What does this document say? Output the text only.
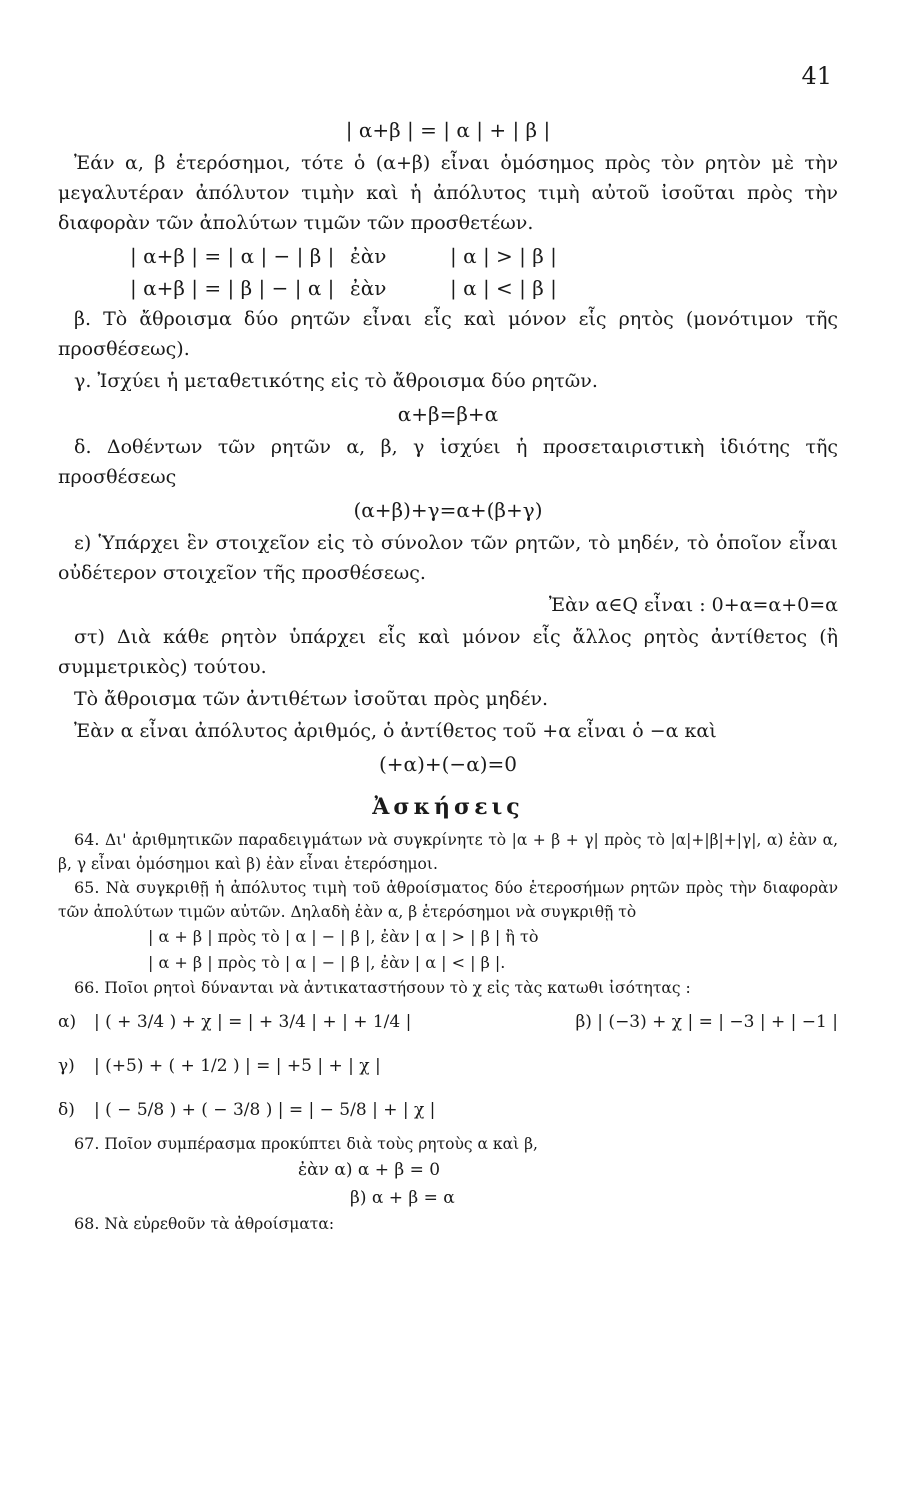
41

| α+β | = | α | + | β |

Ἐάν α, β ἑτερόσημοι, τότε ὁ (α+β) εἶναι ὁμόσημος πρὸς τὸν ρητὸν μὲ τὴν μεγαλυτέραν ἀπόλυτον τιμὴν καὶ ἡ ἀπόλυτος τιμὴ αὐτοῦ ἰσοῦται πρὸς τὴν διαφορὰν τῶν ἀπολύτων τιμῶν τῶν προσθετέων.

| α+β | = | α | − | β | ἐὰν	| α | > | β |
| α+β | = | β | − | α | ἐὰν	| α | < | β |

β. Τὸ ἄθροισμα δύο ρητῶν εἶναι εἷς καὶ μόνον εἷς ρητὸς (μονότιμον τῆς προσθέσεως).

γ. Ἰσχύει ἡ μεταθετικότης εἰς τὸ ἄθροισμα δύο ρητῶν.

α+β=β+α

δ. Δοθέντων τῶν ρητῶν α, β, γ ἰσχύει ἡ προσεταιριστικὴ ἰδιότης τῆς προσθέσεως

(α+β)+γ=α+(β+γ)

ε) Ὑπάρχει ἓν στοιχεῖον εἰς τὸ σύνολον τῶν ρητῶν, τὸ μηδέν, τὸ ὁποῖον εἶναι οὐδέτερον στοιχεῖον τῆς προσθέσεως.

Ἐὰν α∈Q εἶναι : 0+α=α+0=α

στ) Διὰ κάθε ρητὸν ὑπάρχει εἷς καὶ μόνον εἷς ἄλλος ρητὸς ἀντίθετος (ἢ συμμετρικὸς) τούτου.

Τὸ ἄθροισμα τῶν ἀντιθέτων ἰσοῦται πρὸς μηδέν.

Ἐὰν α εἶναι ἀπόλυτος ἀριθμός, ὁ ἀντίθετος τοῦ +α εἶναι ὁ −α καὶ

(+α)+(−α)=0

Ἀσκήσεις

64. Δι' ἀριθμητικῶν παραδειγμάτων νὰ συγκρίνητε τὸ |α + β + γ| πρὸς τὸ |α|+|β|+|γ|, α) ἐὰν α, β, γ εἶναι ὁμόσημοι καὶ β) ἐὰν εἶναι ἑτερόσημοι.

65. Νὰ συγκριθῇ ἡ ἀπόλυτος τιμὴ τοῦ ἀθροίσματος δύο ἑτεροσήμων ρητῶν πρὸς τὴν διαφορὰν τῶν ἀπολύτων τιμῶν αὐτῶν. Δηλαδὴ ἐὰν α, β ἑτερόσημοι νὰ συγκριθῇ τὸ

| α + β | πρὸς τὸ | α | − | β |, ἐὰν | α | > | β | ἢ τὸ

| α + β | πρὸς τὸ | α | − | β |, ἐὰν | α | < | β |.

66. Ποῖοι ρητοὶ δύνανται νὰ ἀντικαταστήσουν τὸ χ εἰς τὰς κατωθι ἰσότητας :

α)	| ( + 3/4 ) + χ | = | + 3/4 | + | + 1/4 |	β) | (−3) + χ | = | −3 | + | −1 |
γ)	| (+5) + ( + 1/2 ) | = | +5 | + | χ |
δ)	| ( − 5/8 ) + ( − 3/8 ) | = | − 5/8 | + | χ |

67. Ποῖον συμπέρασμα προκύπτει διὰ τοὺς ρητοὺς α καὶ β,

ἐὰν α) α + β = 0
β) α + β = α

68. Νὰ εὑρεθοῦν τὰ ἀθροίσματα:
